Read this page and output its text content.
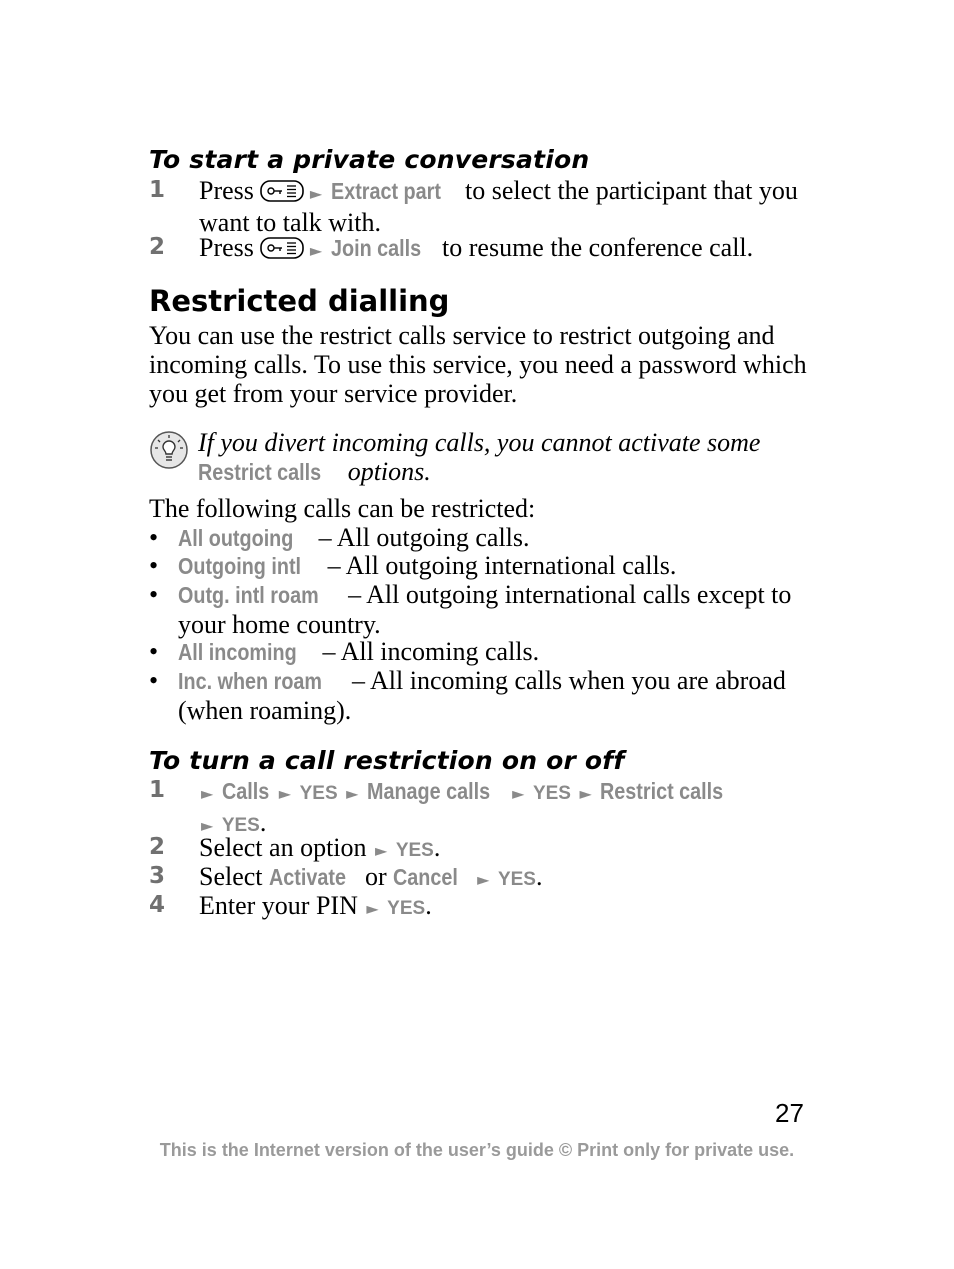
To start a private conversation
1 Press	► Extract part to select the participant that you want to talk with.
2 Press	► Join calls to resume the conference call.
Restricted dialling
You can use the restrict calls service to restrict outgoing and incoming calls. To use this service, you need a password which you get from your service provider.
If you divert incoming calls, you cannot activate some Restrict calls options.
The following calls can be restricted:
• All outgoing – All outgoing calls.
• Outgoing intl – All outgoing international calls.
• Outg. intl roam – All outgoing international calls except to your home country.
• All incoming – All incoming calls.
• Inc. when roam – All incoming calls when you are abroad (when roaming).
To turn a call restriction on or off
1 ► Calls ► YES ► Manage calls ► YES ► Restrict calls
► YES.
2 Select an option ► YES.
3 Select Activate or Cancel ► YES.
4 Enter your PIN ► YES.
27
This is the Internet version of the user’s guide © Print only for private use.
